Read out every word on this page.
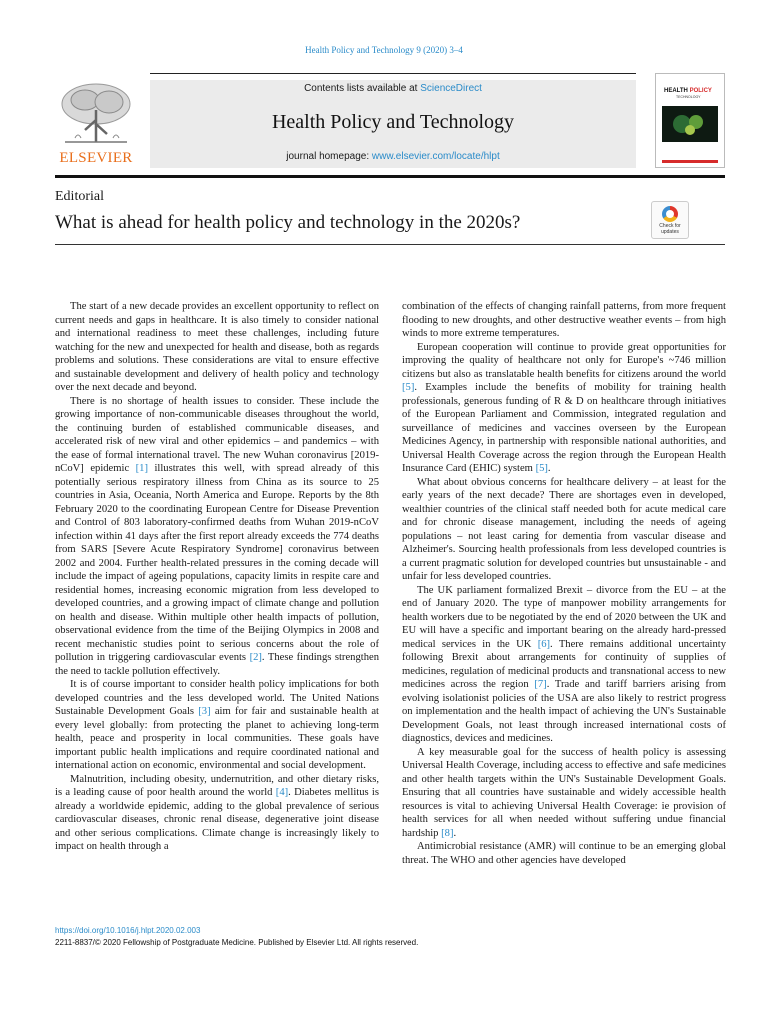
Health Policy and Technology 9 (2020) 3–4
ELSEVIER
Contents lists available at ScienceDirect
Health Policy and Technology
journal homepage: www.elsevier.com/locate/hlpt
HEALTH POLICY
TECHNOLOGY
Editorial
What is ahead for health policy and technology in the 2020s?	Check for
updates

The start of a new decade provides an excellent opportunity to reflect on current needs and gaps in healthcare. It is also timely to consider national and international readiness to meet these challenges, including future watching for the new and unexpected for health and disease, both as regards problems and solutions. These considerations are vital to ensure effective and sustainable development and delivery of health policy and technology over the next decade and beyond.

There is no shortage of health issues to consider. These include the growing importance of non-communicable diseases throughout the world, the continuing burden of established communicable diseases, and accelerated risk of new viral and other epidemics – and pandemics – with the ease of formal international travel. The new Wuhan coronavirus [2019-nCoV] epidemic [1] illustrates this well, with spread already of this potentially serious respiratory illness from China as its source to 25 countries in Asia, Oceania, North America and Europe. Reports by the 8th February 2020 to the coordinating European Centre for Disease Prevention and Control of 803 laboratory-confirmed deaths from Wuhan 2019-nCoV infection within 41 days after the first report already exceeds the 774 deaths from SARS [Severe Acute Respiratory Syndrome] coronavirus between 2002 and 2004. Further health-related pressures in the coming decade will include the impact of ageing populations, capacity limits in respite care and residential homes, increasing economic migration from less developed to developed countries, and a growing impact of climate change and pollution on health and disease. Within multiple other health impacts of pollution, observational evidence from the time of the Beijing Olympics in 2008 and recent mechanistic studies point to serious concerns about the role of pollution in triggering cardiovascular events [2]. These findings strengthen the need to tackle pollution effectively.

It is of course important to consider health policy implications for both developed countries and the less developed world. The United Nations Sustainable Development Goals [3] aim for fair and sustainable health at every level globally: from protecting the planet to achieving long-term health, peace and prosperity in local communities. These goals have important public health implications and require coordinated national and international action on economic, environmental and social development.

Malnutrition, including obesity, undernutrition, and other dietary risks, is a leading cause of poor health around the world [4]. Diabetes mellitus is already a worldwide epidemic, adding to the global prevalence of serious cardiovascular diseases, chronic renal disease, degenerative joint disease and other serious complications. Climate change is increasingly likely to impact on health through a

combination of the effects of changing rainfall patterns, from more frequent flooding to new droughts, and other destructive weather events – from high winds to more extreme temperatures.

European cooperation will continue to provide great opportunities for improving the quality of healthcare not only for Europe's ~746 million citizens but also as translatable health benefits for citizens around the world [5]. Examples include the benefits of mobility for training health professionals, generous funding of R & D on healthcare through initiatives of the European Parliament and Commission, integrated regulation and surveillance of medicines and vaccines overseen by the European Medicines Agency, in partnership with responsible national authorities, and Universal Health Coverage across the region through the European Health Insurance Card (EHIC) system [5].

What about obvious concerns for healthcare delivery – at least for the early years of the next decade? There are shortages even in developed, wealthier countries of the clinical staff needed both for acute medical care and for chronic disease management, including the needs of ageing populations – not least caring for dementia from vascular disease and Alzheimer's. Sourcing health professionals from less developed countries is a current pragmatic solution for developed countries but unsustainable - and unfair for less developed countries.

The UK parliament formalized Brexit – divorce from the EU – at the end of January 2020. The type of manpower mobility arrangements for health workers due to be negotiated by the end of 2020 between the UK and EU will have a specific and important bearing on the already hard-pressed medical services in the UK [6]. There remains additional uncertainty following Brexit about arrangements for continuity of supplies of medicines, regulation of medicinal products and transnational access to new medicines across the region [7]. Trade and tariff barriers arising from evolving isolationist policies of the USA are also likely to restrict progress on implementation and the health impact of achieving the UN's Sustainable Development Goals, not least through increased international costs of diagnostics, devices and medicines.

A key measurable goal for the success of health policy is assessing Universal Health Coverage, including access to effective and safe medicines and other health targets within the UN's Sustainable Development Goals. Ensuring that all countries have sustainable and widely accessible health resources is vital to achieving Universal Health Coverage: ie provision of health services for all when needed without suffering undue financial hardship [8].

Antimicrobial resistance (AMR) will continue to be an emerging global threat. The WHO and other agencies have developed

https://doi.org/10.1016/j.hlpt.2020.02.003
2211-8837/© 2020 Fellowship of Postgraduate Medicine. Published by Elsevier Ltd. All rights reserved.
